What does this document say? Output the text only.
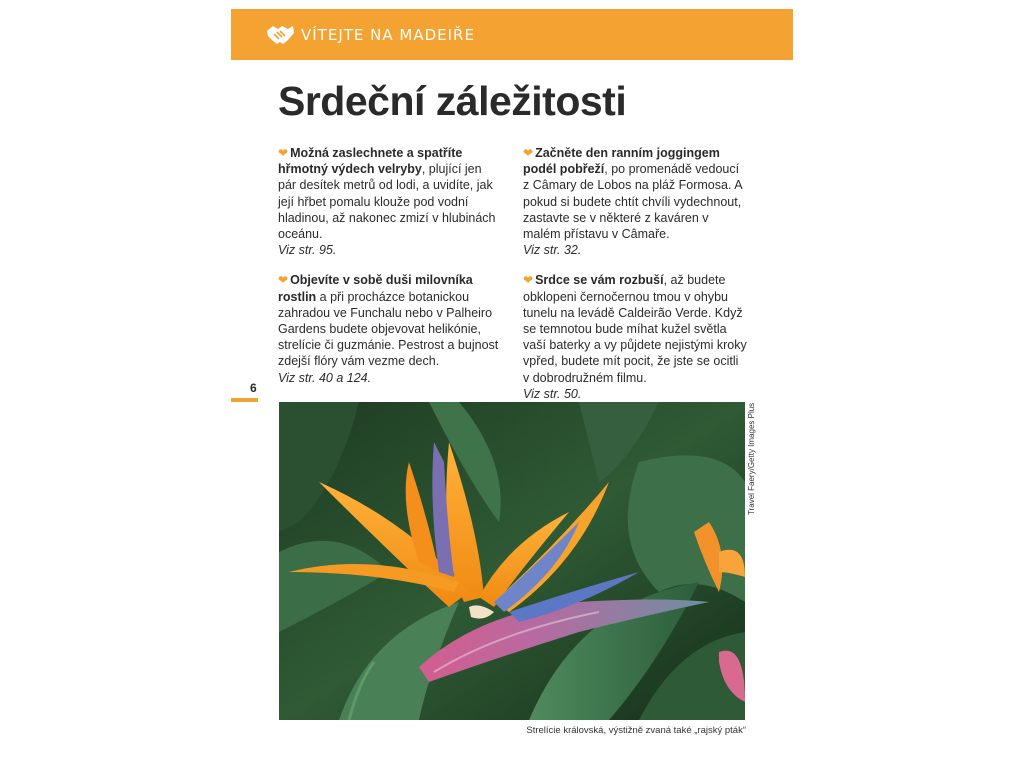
VÍTEJTE NA MADEIŘE
Srdeční záležitosti

❤ Možná zaslechnete a spatříte hřmotný výdech velryby, plující jen pár desítek metrů od lodi, a uvidíte, jak její hřbet pomalu klouže pod vodní hladinou, až nakonec zmizí v hlubinách oceánu.
Viz str. 95.

❤ Objevíte v sobě duši milovníka rostlin a při procházce botanickou zahradou ve Funchalu nebo v Palheiro Gardens budete objevovat helikónie, strelície či guzmánie. Pestrost a bujnost zdejší flóry vám vezme dech.
Viz str. 40 a 124.

❤ Začněte den ranním joggingem podél pobřeží, po promenádě vedoucí z Câmary de Lobos na pláž Formosa. A pokud si budete chtít chvíli vydechnout, zastavte se v některé z kaváren v malém přístavu v Câmaře.
Viz str. 32.

❤ Srdce se vám rozbuší, až budete obklopeni černočernou tmou v ohybu tunelu na levádě Caldeirão Verde. Když se temnotou bude míhat kužel světla vaší baterky a vy půjdete nejistými kroky vpřed, budete mít pocit, že jste se ocitli v dobrodružném filmu.
Viz str. 50.

6
Travel Faery/Getty Images Plus
Strelície královská, výstižně zvaná také „rajský pták“
